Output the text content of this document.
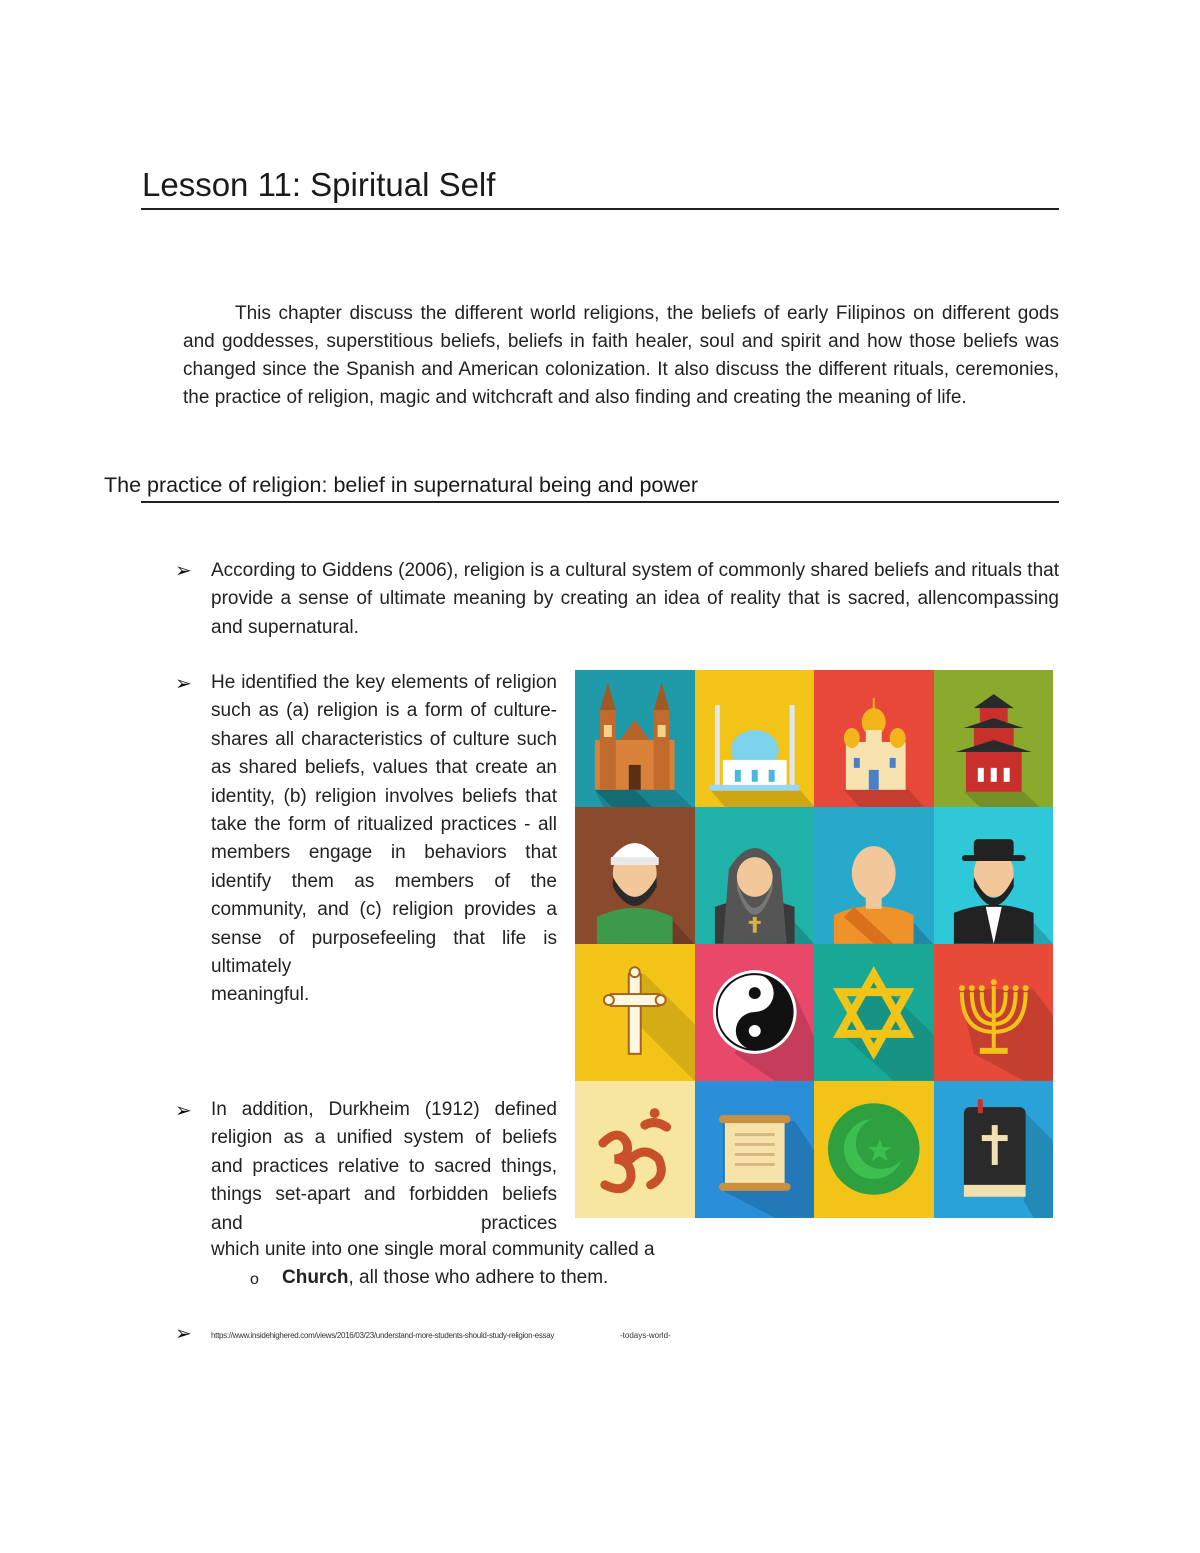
Lesson 11: Spiritual Self
This chapter discuss the different world religions, the beliefs of early Filipinos on different gods and goddesses, superstitious beliefs, beliefs in faith healer, soul and spirit and how those beliefs was changed since the Spanish and American colonization. It also discuss the different rituals, ceremonies, the practice of religion, magic and witchcraft and also finding and creating the meaning of life.
The practice of religion: belief in supernatural being and power
➢ According to Giddens (2006), religion is a cultural system of commonly shared beliefs and rituals that provide a sense of ultimate meaning by creating an idea of reality that is sacred, allencompassing and supernatural.
➢ He identified the key elements of religion such as (a) religion is a form of culture-shares all characteristics of culture such as shared beliefs, values that create an identity, (b) religion involves beliefs that take the form of ritualized practices - all members engage in behaviors that identify them as members of the community, and (c) religion provides a sense of purposefeeling that life is ultimately
meaningful.
➢ In addition, Durkheim (1912) defined religion as a unified system of beliefs and practices relative to sacred things, things set-apart and forbidden beliefs and practices
which unite into one single moral community called a
o Church, all those who adhere to them.
➢ https://www.insidehighered.com/views/2016/03/23/understand-more-students-should-study-religion-essay	-todays-world-
